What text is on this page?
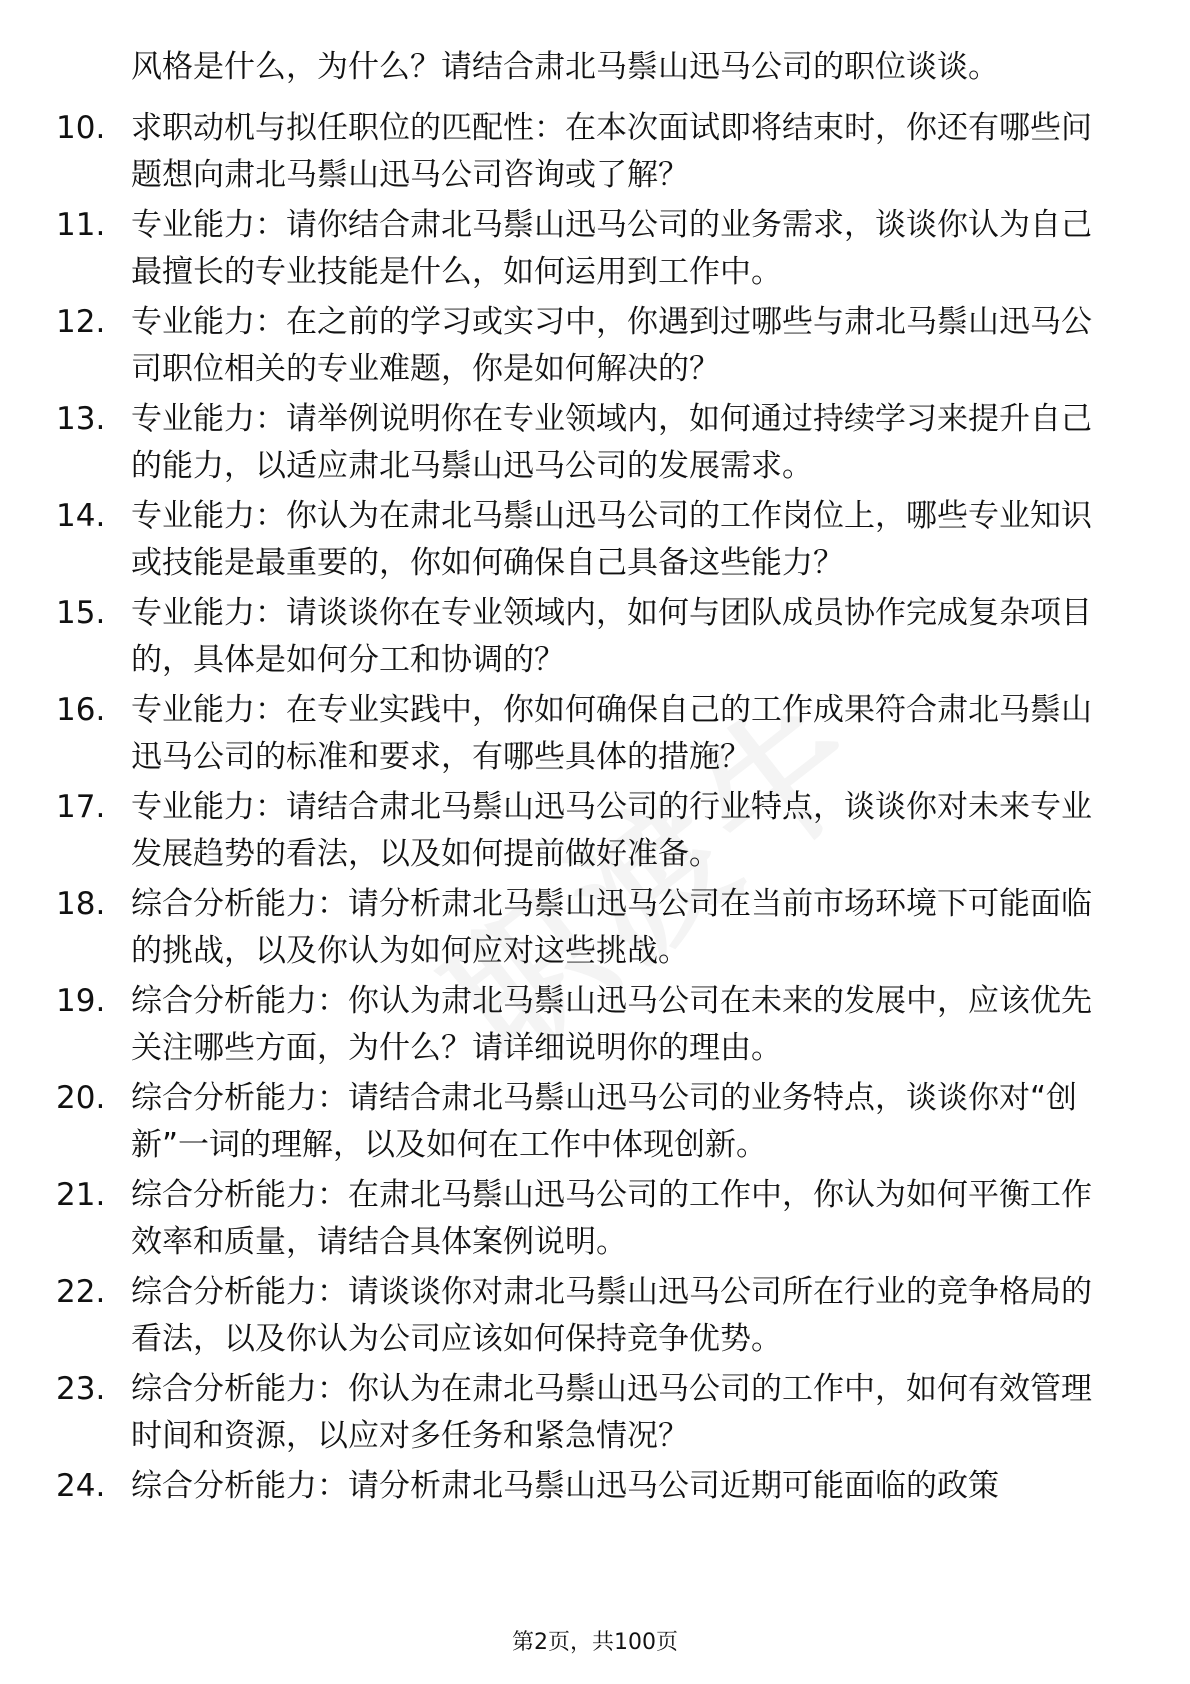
风格是什么，为什么？请结合肃北马鬃山迅马公司的职位谈谈。
10. 求职动机与拟任职位的匹配性：在本次面试即将结束时，你还有哪些问题想向肃北马鬃山迅马公司咨询或了解？
11. 专业能力：请你结合肃北马鬃山迅马公司的业务需求，谈谈你认为自己最擅长的专业技能是什么，如何运用到工作中。
12. 专业能力：在之前的学习或实习中，你遇到过哪些与肃北马鬃山迅马公司职位相关的专业难题，你是如何解决的？
13. 专业能力：请举例说明你在专业领域内，如何通过持续学习来提升自己的能力，以适应肃北马鬃山迅马公司的发展需求。
14. 专业能力：你认为在肃北马鬃山迅马公司的工作岗位上，哪些专业知识或技能是最重要的，你如何确保自己具备这些能力？
15. 专业能力：请谈谈你在专业领域内，如何与团队成员协作完成复杂项目的，具体是如何分工和协调的？
16. 专业能力：在专业实践中，你如何确保自己的工作成果符合肃北马鬃山迅马公司的标准和要求，有哪些具体的措施？
17. 专业能力：请结合肃北马鬃山迅马公司的行业特点，谈谈你对未来专业发展趋势的看法，以及如何提前做好准备。
18. 综合分析能力：请分析肃北马鬃山迅马公司在当前市场环境下可能面临的挑战，以及你认为如何应对这些挑战。
19. 综合分析能力：你认为肃北马鬃山迅马公司在未来的发展中，应该优先关注哪些方面，为什么？请详细说明你的理由。
20. 综合分析能力：请结合肃北马鬃山迅马公司的业务特点，谈谈你对“创新”一词的理解，以及如何在工作中体现创新。
21. 综合分析能力：在肃北马鬃山迅马公司的工作中，你认为如何平衡工作效率和质量，请结合具体案例说明。
22. 综合分析能力：请谈谈你对肃北马鬃山迅马公司所在行业的竞争格局的看法，以及你认为公司应该如何保持竞争优势。
23. 综合分析能力：你认为在肃北马鬃山迅马公司的工作中，如何有效管理时间和资源，以应对多任务和紧急情况？
24. 综合分析能力：请分析肃北马鬃山迅马公司近期可能面临的政策
第2页，共100页
